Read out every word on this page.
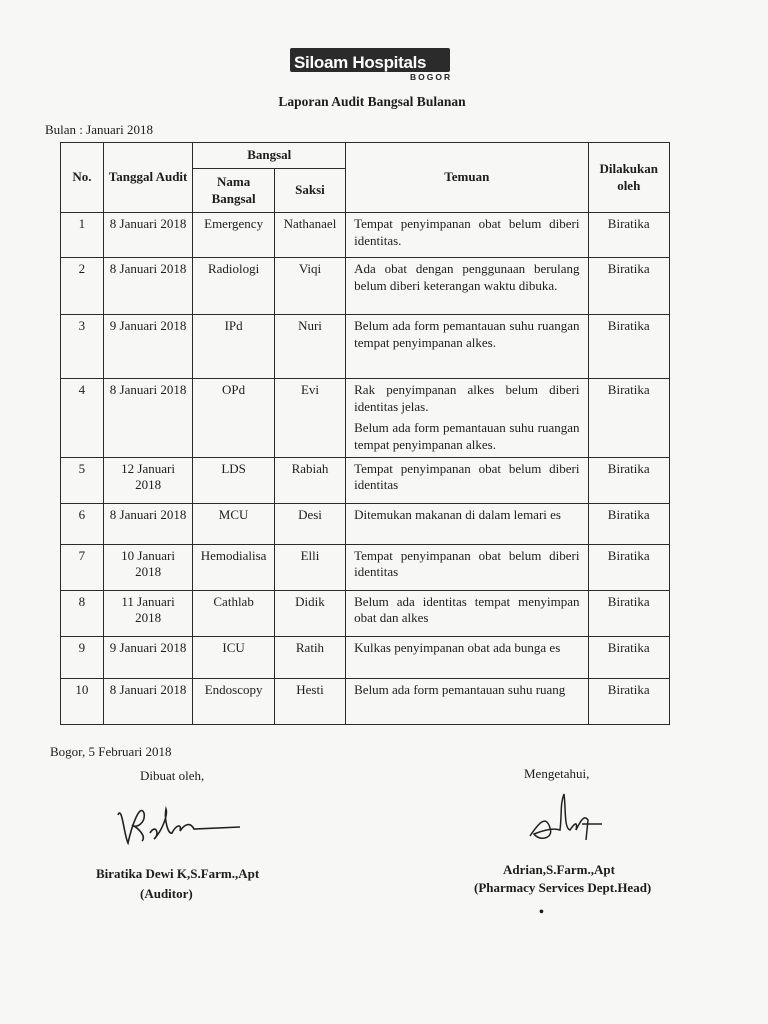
Siloam Hospitals
BOGOR
Laporan Audit Bangsal Bulanan
Bulan : Januari 2018
No.	Tanggal Audit	Bangsal		Temuan	Dilakukan oleh
		Nama Bangsal	Saksi		
1	8 Januari 2018	Emergency	Nathanael	Tempat penyimpanan obat belum diberi identitas.	Biratika
2	8 Januari 2018	Radiologi	Viqi	Ada obat dengan penggunaan berulang belum diberi keterangan waktu dibuka.	Biratika
3	9 Januari 2018	IPd	Nuri	Belum ada form pemantauan suhu ruangan tempat penyimpanan alkes.	Biratika
4	8 Januari 2018	OPd	Evi	Rak penyimpanan alkes belum diberi identitas jelas.
Belum ada form pemantauan suhu ruangan tempat penyimpanan alkes.	Biratika
5	12 Januari 2018	LDS	Rabiah	Tempat penyimpanan obat belum diberi identitas	Biratika
6	8 Januari 2018	MCU	Desi	Ditemukan makanan di dalam lemari es	Biratika
7	10 Januari 2018	Hemodialisa	Elli	Tempat penyimpanan obat belum diberi identitas	Biratika
8	11 Januari 2018	Cathlab	Didik	Belum ada identitas tempat menyimpan obat dan alkes	Biratika
9	9 Januari 2018	ICU	Ratih	Kulkas penyimpanan obat ada bunga es	Biratika
10	8 Januari 2018	Endoscopy	Hesti	Belum ada form pemantauan suhu ruang	Biratika
Bogor, 5 Februari 2018
Dibuat oleh,	Mengetahui,
Biratika Dewi K,S.Farm.,Apt
(Auditor)
Adrian,S.Farm.,Apt
(Pharmacy Services Dept.Head)
•
